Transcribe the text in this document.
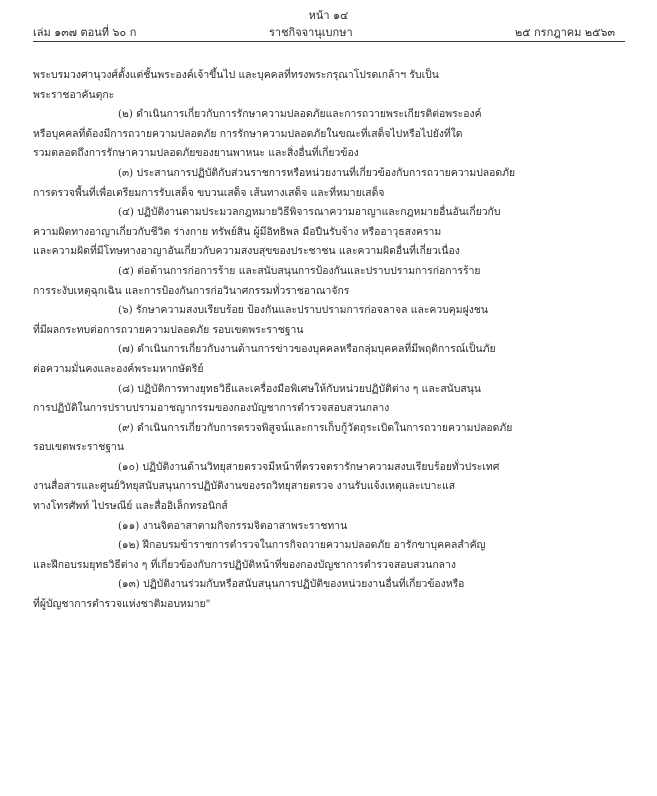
หน้า ๑๔
เล่ม ๑๓๗ ตอนที่ ๖๐ ก	ราชกิจจานุเบกษา	๒๕ กรกฎาคม ๒๕๖๓

พระบรมวงศานุวงศ์ตั้งแต่ชั้นพระองค์เจ้าขึ้นไป และบุคคลที่ทรงพระกรุณาโปรดเกล้าฯ รับเป็น

พระราชอาคันตุกะ

(๒) ดำเนินการเกี่ยวกับการรักษาความปลอดภัยและการถวายพระเกียรติต่อพระองค์

หรือบุคคลที่ต้องมีการถวายความปลอดภัย การรักษาความปลอดภัยในขณะที่เสด็จไปหรือไปยังที่ใด

รวมตลอดถึงการรักษาความปลอดภัยของยานพาหนะ และสิ่งอื่นที่เกี่ยวข้อง

(๓) ประสานการปฏิบัติกับส่วนราชการหรือหน่วยงานที่เกี่ยวข้องกับการถวายความปลอดภัย

การตรวจพื้นที่เพื่อเตรียมการรับเสด็จ ขบวนเสด็จ เส้นทางเสด็จ และที่หมายเสด็จ

(๔) ปฏิบัติงานตามประมวลกฎหมายวิธีพิจารณาความอาญาและกฎหมายอื่นอันเกี่ยวกับ

ความผิดทางอาญาเกี่ยวกับชีวิต ร่างกาย ทรัพย์สิน ผู้มีอิทธิพล มือปืนรับจ้าง หรืออาวุธสงคราม

และความผิดที่มีโทษทางอาญาอันเกี่ยวกับความสงบสุขของประชาชน และความผิดอื่นที่เกี่ยวเนื่อง

(๕) ต่อต้านการก่อการร้าย และสนับสนุนการป้องกันและปราบปรามการก่อการร้าย

การระงับเหตุฉุกเฉิน และการป้องกันการก่อวินาศกรรมทั่วราชอาณาจักร

(๖) รักษาความสงบเรียบร้อย ป้องกันและปราบปรามการก่อจลาจล และควบคุมฝูงชน

ที่มีผลกระทบต่อการถวายความปลอดภัย รอบเขตพระราชฐาน

(๗) ดำเนินการเกี่ยวกับงานด้านการข่าวของบุคคลหรือกลุ่มบุคคลที่มีพฤติการณ์เป็นภัย

ต่อความมั่นคงและองค์พระมหากษัตริย์

(๘) ปฏิบัติการทางยุทธวิธีและเครื่องมือพิเศษให้กับหน่วยปฏิบัติต่าง ๆ และสนับสนุน

การปฏิบัติในการปราบปรามอาชญากรรมของกองบัญชาการตำรวจสอบสวนกลาง

(๙) ดำเนินการเกี่ยวกับการตรวจพิสูจน์และการเก็บกู้วัตถุระเบิดในการถวายความปลอดภัย

รอบเขตพระราชฐาน

(๑๐) ปฏิบัติงานด้านวิทยุสายตรวจมีหน้าที่ตรวจตรารักษาความสงบเรียบร้อยทั่วประเทศ

งานสื่อสารและศูนย์วิทยุสนับสนุนการปฏิบัติงานของรถวิทยุสายตรวจ งานรับแจ้งเหตุและเบาะแส

ทางโทรศัพท์ ไปรษณีย์ และสื่ออิเล็กทรอนิกส์

(๑๑) งานจิตอาสาตามกิจกรรมจิตอาสาพระราชทาน

(๑๒) ฝึกอบรมข้าราชการตำรวจในการกิจถวายความปลอดภัย อารักขาบุคคลสำคัญ

และฝึกอบรมยุทธวิธีต่าง ๆ ที่เกี่ยวข้องกับการปฏิบัติหน้าที่ของกองบัญชาการตำรวจสอบสวนกลาง

(๑๓) ปฏิบัติงานร่วมกับหรือสนับสนุนการปฏิบัติของหน่วยงานอื่นที่เกี่ยวข้องหรือ

ที่ผู้บัญชาการตำรวจแห่งชาติมอบหมาย"
